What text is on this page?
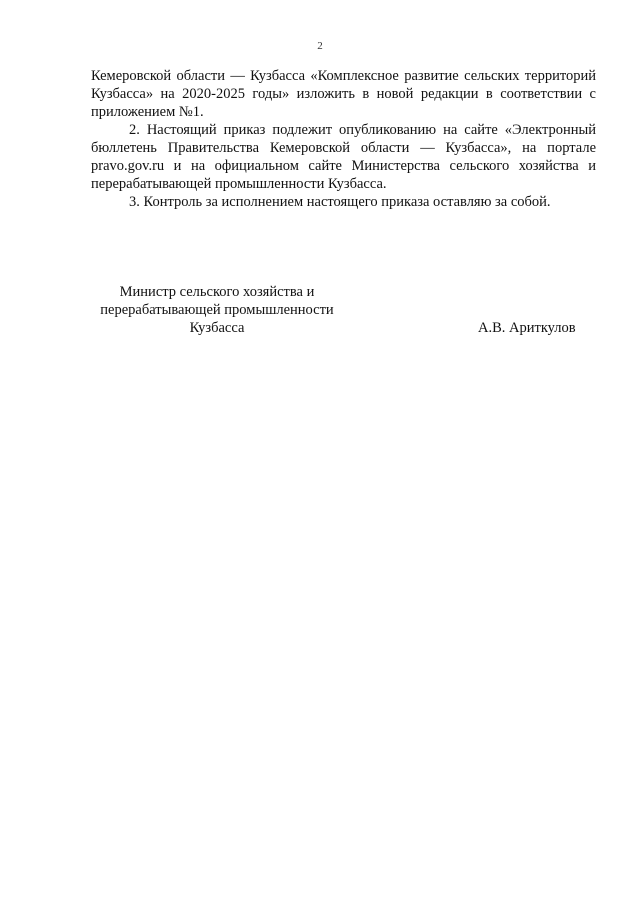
2

Кемеровской области — Кузбасса «Комплексное развитие сельских территорий Кузбасса» на 2020-2025 годы» изложить в новой редакции в соответствии с приложением №1.

2. Настоящий приказ подлежит опубликованию на сайте «Электронный бюллетень Правительства Кемеровской области — Кузбасса», на портале pravo.gov.ru и на официальном сайте Министерства сельского хозяйства и перерабатывающей промышленности Кузбасса.

3. Контроль за исполнением настоящего приказа оставляю за собой.

Министр сельского хозяйства и
перерабатывающей промышленности
Кузбасса	А.В. Ариткулов
